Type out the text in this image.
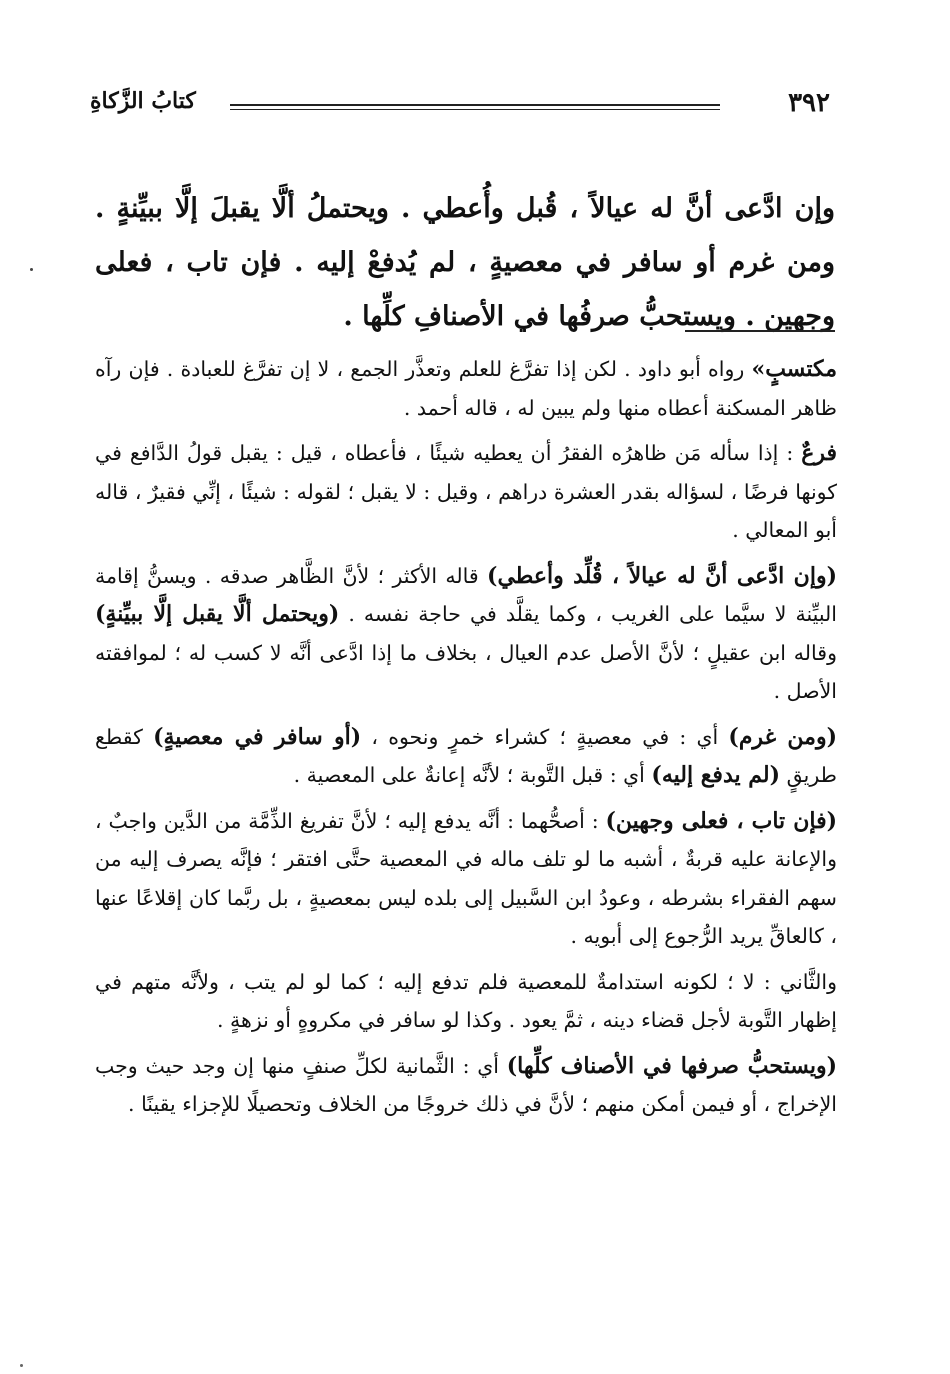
٣٩٢
كتابُ الزَّكاةِ
وإن ادَّعى أنَّ له عيالاً ، قُبل وأُعطي . ويحتملُ ألَّا يقبلَ إلَّا ببيِّنةٍ . ومن غرم أو سافر في معصيةٍ ، لم يُدفعْ إليه . فإن تاب ، فعلى وجهين . ويستحبُّ صرفُها في الأصنافِ كلِّها .

مكتسبٍ» رواه أبو داود . لكن إذا تفرَّغ للعلم وتعذَّر الجمع ، لا إن تفرَّغ للعبادة . فإن رآه ظاهر المسكنة أعطاه منها ولم يبين له ، قاله أحمد .

فرعٌ : إذا سأله مَن ظاهرُه الفقرُ أن يعطيه شيئًا ، فأعطاه ، قيل : يقبل قولُ الدَّافع في كونها فرضًا ، لسؤاله بقدر العشرة دراهم ، وقيل : لا يقبل ؛ لقوله : شيئًا ، إنِّي فقيرٌ ، قاله أبو المعالي .

(وإن ادَّعى أنَّ له عيالاً ، قُلِّد وأعطي) قاله الأكثر ؛ لأنَّ الظَّاهر صدقه . ويسنُّ إقامة البيِّنة لا سيَّما على الغريب ، وكما يقلَّد في حاجة نفسه . (ويحتمل ألَّا يقبل إلَّا ببيِّنةٍ) وقاله ابن عقيلٍ ؛ لأنَّ الأصل عدم العيال ، بخلاف ما إذا ادَّعى أنَّه لا كسب له ؛ لموافقته الأصل .

(ومن غرم) أي : في معصيةٍ ؛ كشراء خمرٍ ونحوه ، (أو سافر في معصيةٍ) كقطع طريقٍ (لم يدفع إليه) أي : قبل التَّوبة ؛ لأنَّه إعانةٌ على المعصية .

(فإن تاب ، فعلى وجهين) : أصحُّهما : أنَّه يدفع إليه ؛ لأنَّ تفريغ الذِّمَّة من الدَّين واجبٌ ، والإعانة عليه قربةٌ ، أشبه ما لو تلف ماله في المعصية حتَّى افتقر ؛ فإنَّه يصرف إليه من سهم الفقراء بشرطه ، وعودُ ابن السَّبيل إلى بلده ليس بمعصيةٍ ، بل ربَّما كان إقلاعًا عنها ، كالعاقِّ يريد الرُّجوع إلى أبويه .

والثَّاني : لا ؛ لكونه استدامةٌ للمعصية فلم تدفع إليه ؛ كما لو لم يتب ، ولأنَّه متهم في إظهار التَّوبة لأجل قضاء دينه ، ثمَّ يعود . وكذا لو سافر في مكروهٍ أو نزهةٍ .

(ويستحبُّ صرفها في الأصناف كلِّها) أي : الثَّمانية لكلِّ صنفٍ منها إن وجد حيث وجب الإخراج ، أو فيمن أمكن منهم ؛ لأنَّ في ذلك خروجًا من الخلاف وتحصيلًا للإجزاء يقينًا .
